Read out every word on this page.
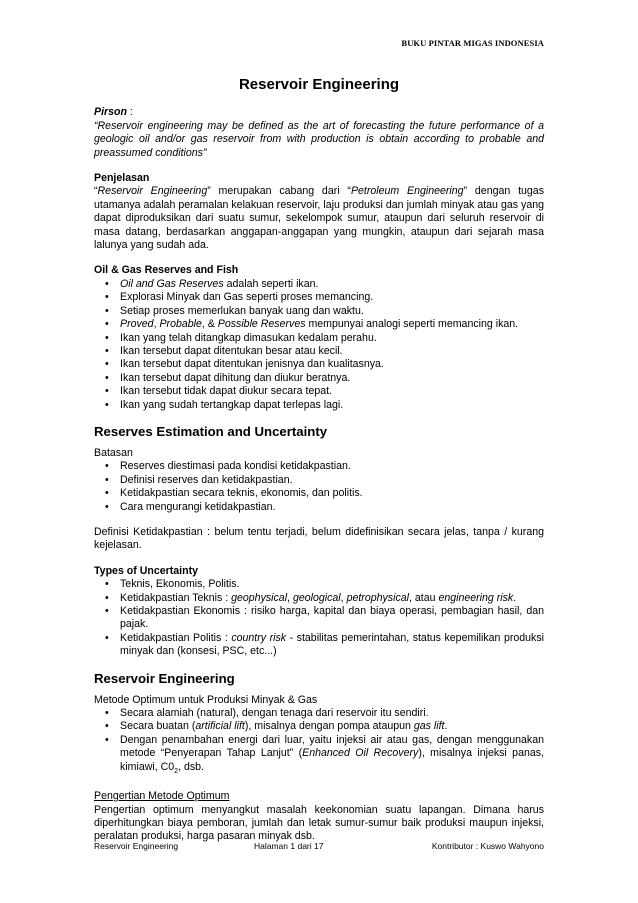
BUKU PINTAR MIGAS INDONESIA
Reservoir Engineering

Pirson :

“Reservoir engineering may be defined as the art of forecasting the future performance of a geologic oil and/or gas reservoir from with production is obtain according to probable and preassumed conditions”

Penjelasan

“Reservoir Engineering” merupakan cabang dari “Petroleum Engineering” dengan tugas utamanya adalah peramalan kelakuan reservoir, laju produksi dan jumlah minyak atau gas yang dapat diproduksikan dari suatu sumur, sekelompok sumur, ataupun dari seluruh reservoir di masa datang, berdasarkan anggapan-anggapan yang mungkin, ataupun dari sejarah masa lalunya yang sudah ada.

Oil & Gas Reserves and Fish

• Oil and Gas Reserves adalah seperti ikan.
• Explorasi Minyak dan Gas seperti proses memancing.
• Setiap proses memerlukan banyak uang dan waktu.
• Proved, Probable, & Possible Reserves mempunyai analogi seperti memancing ikan.
• Ikan yang telah ditangkap dimasukan kedalam perahu.
• Ikan tersebut dapat ditentukan besar atau kecil.
• Ikan tersebut dapat ditentukan jenisnya dan kualitasnya.
• Ikan tersebut dapat dihitung dan diukur beratnya.
• Ikan tersebut tidak dapat diukur secara tepat.
• Ikan yang sudah tertangkap dapat terlepas lagi.

Reserves Estimation and Uncertainty

Batasan

• Reserves diestimasi pada kondisi ketidakpastian.
• Definisi reserves dan ketidakpastian.
• Ketidakpastian secara teknis, ekonomis, dan politis.
• Cara mengurangi ketidakpastian.

Definisi Ketidakpastian : belum tentu terjadi, belum didefinisikan secara jelas, tanpa / kurang kejelasan.

Types of Uncertainty

• Teknis, Ekonomis, Politis.
• Ketidakpastian Teknis : geophysical, geological, petrophysical, atau engineering risk.
• Ketidakpastian Ekonomis : risiko harga, kapital dan biaya operasi, pembagian hasil, dan pajak.
• Ketidakpastian Politis : country risk - stabilitas pemerintahan, status kepemilikan produksi minyak dan (konsesi, PSC, etc...)

Reservoir Engineering

Metode Optimum untuk Produksi Minyak & Gas

• Secara alamiah (natural), dengan tenaga dari reservoir itu sendiri.
• Secara buatan (artificial lift), misalnya dengan pompa ataupun gas lift.
• Dengan penambahan energi dari luar, yaitu injeksi air atau gas, dengan menggunakan metode “Penyerapan Tahap Lanjut” (Enhanced Oil Recovery), misalnya injeksi panas, kimiawi, $C0_2$, dsb.

Pengertian Metode Optimum

Pengertian optimum menyangkut masalah keekonomian suatu lapangan. Dimana harus diperhitungkan biaya pemboran, jumlah dan letak sumur-sumur baik produksi maupun injeksi, peralatan produksi, harga pasaran minyak dsb.

Reservoir Engineering	Halaman 1 dari 17	Kontributor : Kuswo Wahyono
